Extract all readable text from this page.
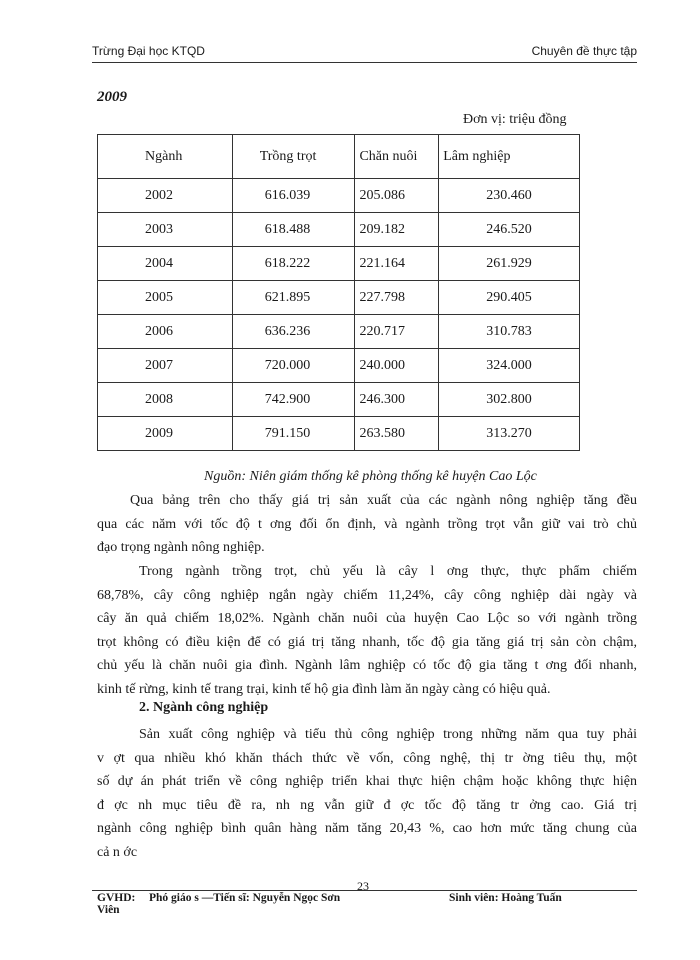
Trừng Đại học KTQD	Chuyên đề thực tập
2009
Đơn vị: triệu đồng
Ngành	Trồng trọt	Chăn nuôi	Lâm nghiệp
2002	616.039	205.086	230.460
2003	618.488	209.182	246.520
2004	618.222	221.164	261.929
2005	621.895	227.798	290.405
2006	636.236	220.717	310.783
2007	720.000	240.000	324.000
2008	742.900	246.300	302.800
2009	791.150	263.580	313.270
Nguồn: Niên giám thống kê phòng thống kê huyện Cao Lộc
Qua bảng trên cho thấy giá trị sản xuất của các ngành nông nghiệp tăng đều
qua các năm với tốc độ t ơng đối ổn định, và ngành trồng trọt vẫn giữ vai trò chủ
đạo trọng ngành nông nghiệp.
Trong ngành trồng trọt, chủ yếu là cây l ơng thực, thực phẩm chiếm
68,78%, cây công nghiệp ngắn ngày chiếm 11,24%, cây công nghiệp dài ngày và
cây ăn quả chiếm 18,02%. Ngành chăn nuôi của huyện Cao Lộc so với ngành trồng
trọt không có điều kiện để có giá trị tăng nhanh, tốc độ gia tăng giá trị sản còn chậm,
chủ yếu là chăn nuôi gia đình. Ngành lâm nghiệp có tốc độ gia tăng t ơng đối nhanh,
kinh tế rừng, kinh tế trang trại, kinh tế hộ gia đình làm ăn ngày càng có hiệu quả.
2. Ngành công nghiệp
Sản xuất công nghiệp và tiểu thủ công nghiệp trong những năm qua tuy phải
v ợt qua nhiều khó khăn thách thức về vốn, công nghệ, thị tr ờng tiêu thụ, một
số dự án phát triển về công nghiệp triển khai thực hiện chậm hoặc không thực hiện
đ ợc nh mục tiêu đề ra, nh ng vẫn giữ đ ợc tốc độ tăng tr ởng cao. Giá trị
ngành công nghiệp bình quân hàng năm tăng 20,43 %, cao hơn mức tăng chung của
cả n ớc
23
GVHD: Phó giáo s —Tiến sĩ: Nguyễn Ngọc Sơn	Sinh viên: Hoàng Tuấn
Viên
